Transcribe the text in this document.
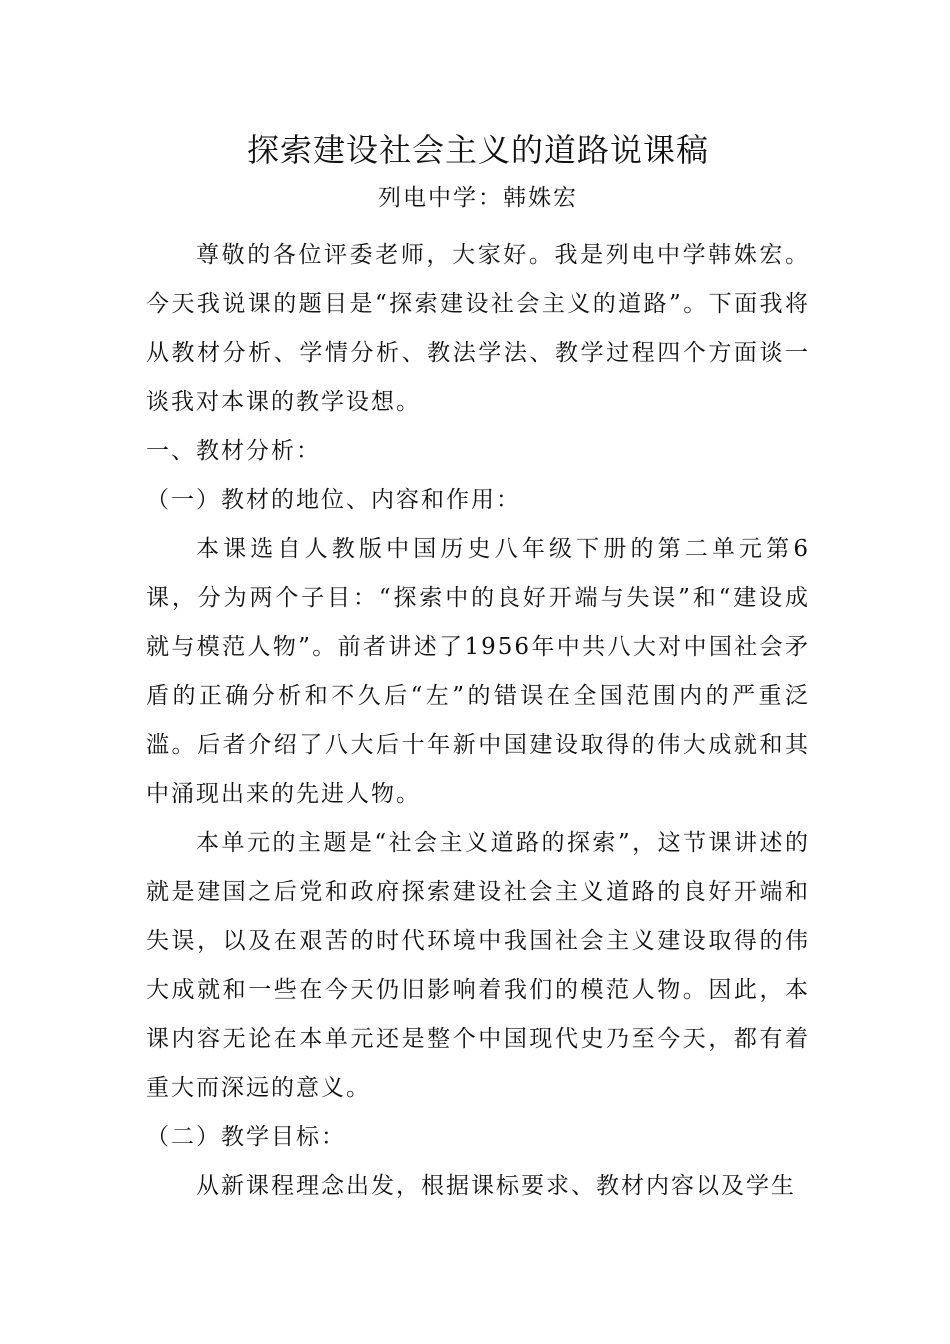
探索建设社会主义的道路说课稿
列电中学：韩姝宏

尊敬的各位评委老师，大家好。我是列电中学韩姝宏。今天我说课的题目是“探索建设社会主义的道路”。下面我将从教材分析、学情分析、教法学法、教学过程四个方面谈一谈我对本课的教学设想。

一、教材分析：

（一）教材的地位、内容和作用：

本课选自人教版中国历史八年级下册的第二单元第6课，分为两个子目：“探索中的良好开端与失误”和“建设成就与模范人物”。前者讲述了1956年中共八大对中国社会矛盾的正确分析和不久后“左”的错误在全国范围内的严重泛滥。后者介绍了八大后十年新中国建设取得的伟大成就和其中涌现出来的先进人物。

本单元的主题是“社会主义道路的探索”，这节课讲述的就是建国之后党和政府探索建设社会主义道路的良好开端和失误，以及在艰苦的时代环境中我国社会主义建设取得的伟大成就和一些在今天仍旧影响着我们的模范人物。因此，本课内容无论在本单元还是整个中国现代史乃至今天，都有着重大而深远的意义。

（二）教学目标：

从新课程理念出发，根据课标要求、教材内容以及学生
